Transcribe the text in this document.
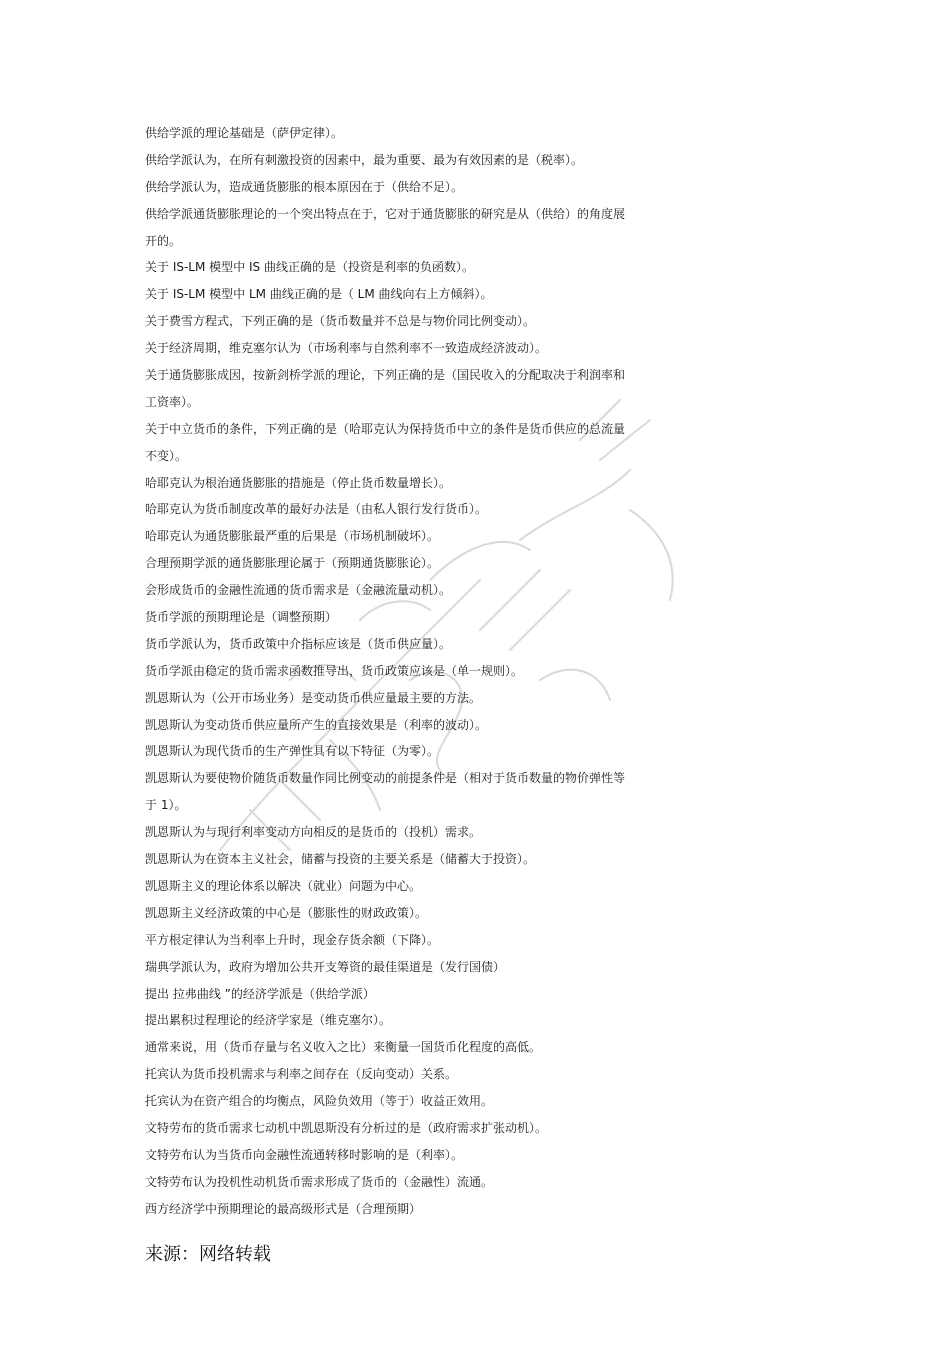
供给学派的理论基础是（萨伊定律）。
供给学派认为，在所有刺激投资的因素中，最为重要、最为有效因素的是（税率）。
供给学派认为，造成通货膨胀的根本原因在于（供给不足）。
供给学派通货膨胀理论的一个突出特点在于，它对于通货膨胀的研究是从（供给）的角度展
开的。
关于 IS-LM 模型中 IS 曲线正确的是（投资是利率的负函数）。
关于 IS-LM 模型中 LM 曲线正确的是（ LM 曲线向右上方倾斜）。
关于费雪方程式，下列正确的是（货币数量并不总是与物价同比例变动）。
关于经济周期，维克塞尔认为（市场利率与自然利率不一致造成经济波动）。
关于通货膨胀成因，按新剑桥学派的理论，下列正确的是（国民收入的分配取决于利润率和
工资率）。
关于中立货币的条件，下列正确的是（哈耶克认为保持货币中立的条件是货币供应的总流量
不变）。
哈耶克认为根治通货膨胀的措施是（停止货币数量增长）。
哈耶克认为货币制度改革的最好办法是（由私人银行发行货币）。
哈耶克认为通货膨胀最严重的后果是（市场机制破坏）。
合理预期学派的通货膨胀理论属于（预期通货膨胀论）。
会形成货币的金融性流通的货币需求是（金融流量动机）。
货币学派的预期理论是（调整预期）
货币学派认为，货币政策中介指标应该是（货币供应量）。
货币学派由稳定的货币需求函数推导出，货币政策应该是（单一规则）。
凯恩斯认为（公开市场业务）是变动货币供应量最主要的方法。
凯恩斯认为变动货币供应量所产生的直接效果是（利率的波动）。
凯恩斯认为现代货币的生产弹性具有以下特征（为零）。
凯恩斯认为要使物价随货币数量作同比例变动的前提条件是（相对于货币数量的物价弹性等
于 1）。
凯恩斯认为与现行利率变动方向相反的是货币的（投机）需求。
凯恩斯认为在资本主义社会，储蓄与投资的主要关系是（储蓄大于投资）。
凯恩斯主义的理论体系以解决（就业）问题为中心。
凯恩斯主义经济政策的中心是（膨胀性的财政政策）。
平方根定律认为当利率上升时，现金存货余额（下降）。
瑞典学派认为，政府为增加公共开支筹资的最佳渠道是（发行国债）
提出 拉弗曲线 ”的经济学派是（供给学派）
提出累积过程理论的经济学家是（维克塞尔）。
通常来说，用（货币存量与名义收入之比）来衡量一国货币化程度的高低。
托宾认为货币投机需求与利率之间存在（反向变动）关系。
托宾认为在资产组合的均衡点，风险负效用（等于）收益正效用。
文特劳布的货币需求七动机中凯恩斯没有分析过的是（政府需求扩张动机）。
文特劳布认为当货币向金融性流通转移时影响的是（利率）。
文特劳布认为投机性动机货币需求形成了货币的（金融性）流通。
西方经济学中预期理论的最高级形式是（合理预期）
来源：网络转载
